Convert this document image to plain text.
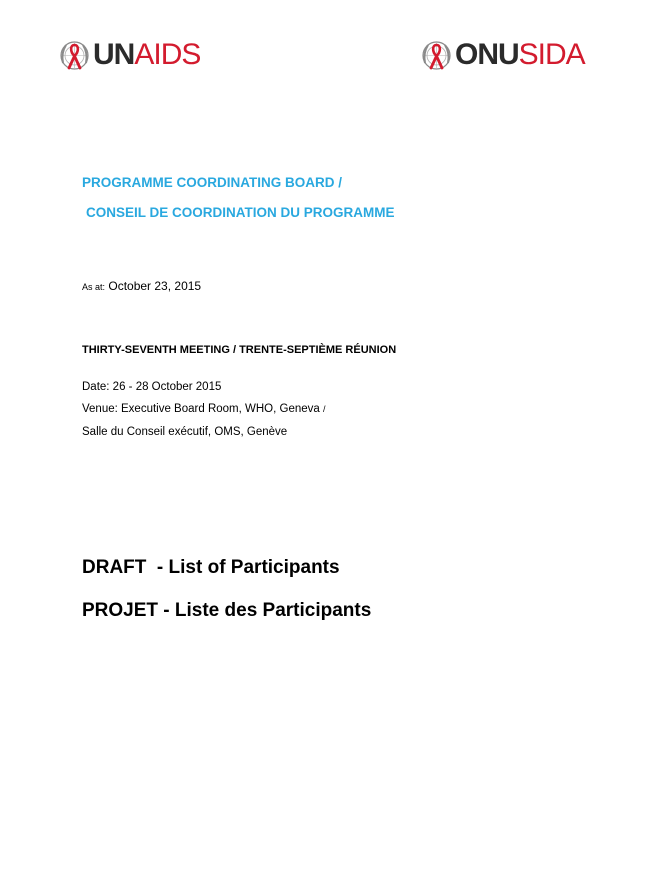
UNAIDS	ONUSIDA
PROGRAMME COORDINATING BOARD /
CONSEIL DE COORDINATION DU PROGRAMME
As at: October 23, 2015
THIRTY-SEVENTH MEETING / TRENTE-SEPTIÈME RÉUNION
Date: 26 - 28 October 2015
Venue: Executive Board Room, WHO, Geneva /
Salle du Conseil exécutif, OMS, Genève
DRAFT  - List of Participants
PROJET - Liste des Participants
